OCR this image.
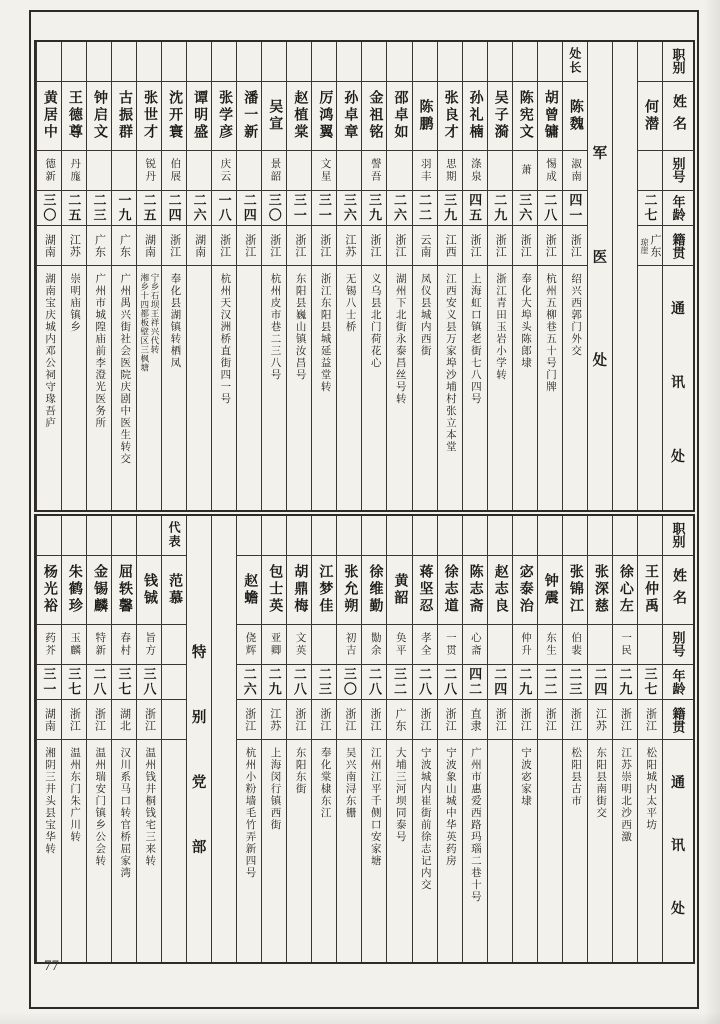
职别
姓名
别号
年龄
籍贯
通
讯
处
何潜
二七
广东
琼崖
军
医
处
处长
陈魏
淑南
四一
浙江
绍兴西郭门外交
胡曾镛
惕成
二八
浙江
杭州五柳巷五十号门牌
陈宪文
萧
三六
浙江
奉化大埠头陈郎埭
吴子漪
二九
浙江
浙江青田玉岩小学转
孙礼楠
涤泉
四五
浙江
上海虹口镇老街七八四号
张良才
思期
三九
江西
江西安义县万家埠沙埔村张立本堂
陈鹏
羽丰
二二
云南
凤仪县城内西街
邵卓如
二六
浙江
湖州下北街永泰昌丝号转
金祖铭
謦吾
三九
浙江
义乌县北门荷花心
孙卓章
三六
江苏
无锡八士桥
厉鸿翼
文星
三一
浙江
浙江东阳县城延益堂转
赵植棠
三一
浙江
东阳县巍山镇汝昌号
吴宣
景韶
三〇
浙江
杭州皮市巷二三八号
潘一新
二四
浙江
张学彦
庆云
一八
浙江
杭州天汉洲桥直街四一号
谭明盛
二六
湖南
沈开寰
伯展
二四
浙江
奉化县湖镇转栖凤
张世才
锐丹
二五
湖南
宁乡石坝王祥兴代转
湘乡十四都板壁区三枫塘
古振群
一九
广东
广州禺兴街社会医院庆剧中医生转交
钟启文
二三
广东
广州市城隍庙前李澄光医务所
王德尊
丹庬
二五
江苏
崇明庙镇乡
黄居中
德新
三〇
湖南
湖南宝庆城内邓公祠守瑑吾庐
职别
姓名
别号
年龄
籍贯
通
讯
处
王仲禹
三七
浙江
松阳城内太平坊
徐心左
一民
二九
浙江
江苏崇明北沙西激
张深慈
二四
江苏
东阳县南街交
张锦江
伯裴
二三
浙江
松阳县古市
钟震
东生
二二
浙江
宓泰治
仲升
二九
浙江
宁波宓家埭
赵志良
二四
浙江
陈志斋
心斋
四二
直隶
广州市惠爱西路玛瑙二巷十号
徐志道
一贯
二八
浙江
宁波象山城中华英药房
蒋坚忍
孝全
二八
浙江
宁波城内崔街前徐志记内交
黄韶
奂平
三二
广东
大埔三河坝同泰号
徐维勤
勚余
二八
浙江
江州江平千侧口安家塘
张允朔
初吉
三〇
浙江
吴兴南浔东栅
江梦佳
二三
浙江
奉化棠棣东江
胡鼎梅
文英
二八
浙江
东阳东街
包士英
亚卿
二九
江苏
上海闵行镇西街
赵蟾
侥辉
二六
浙江
杭州小粉墙毛竹弄新四号
特
别
党
部
代表
范慕
钱铖
旨方
三八
浙江
温州钱井桐钱宅三来转
屈轶馨
春村
三七
湖北
汉川系马口转官桥屈家湾
金锡麟
特新
二八
浙江
温州瑞安门镇乡公会转
朱鹤珍
玉麟
三七
浙江
温州东门朱广川转
杨光裕
药芥
三一
湖南
湘阴三井头县宝华转
77
